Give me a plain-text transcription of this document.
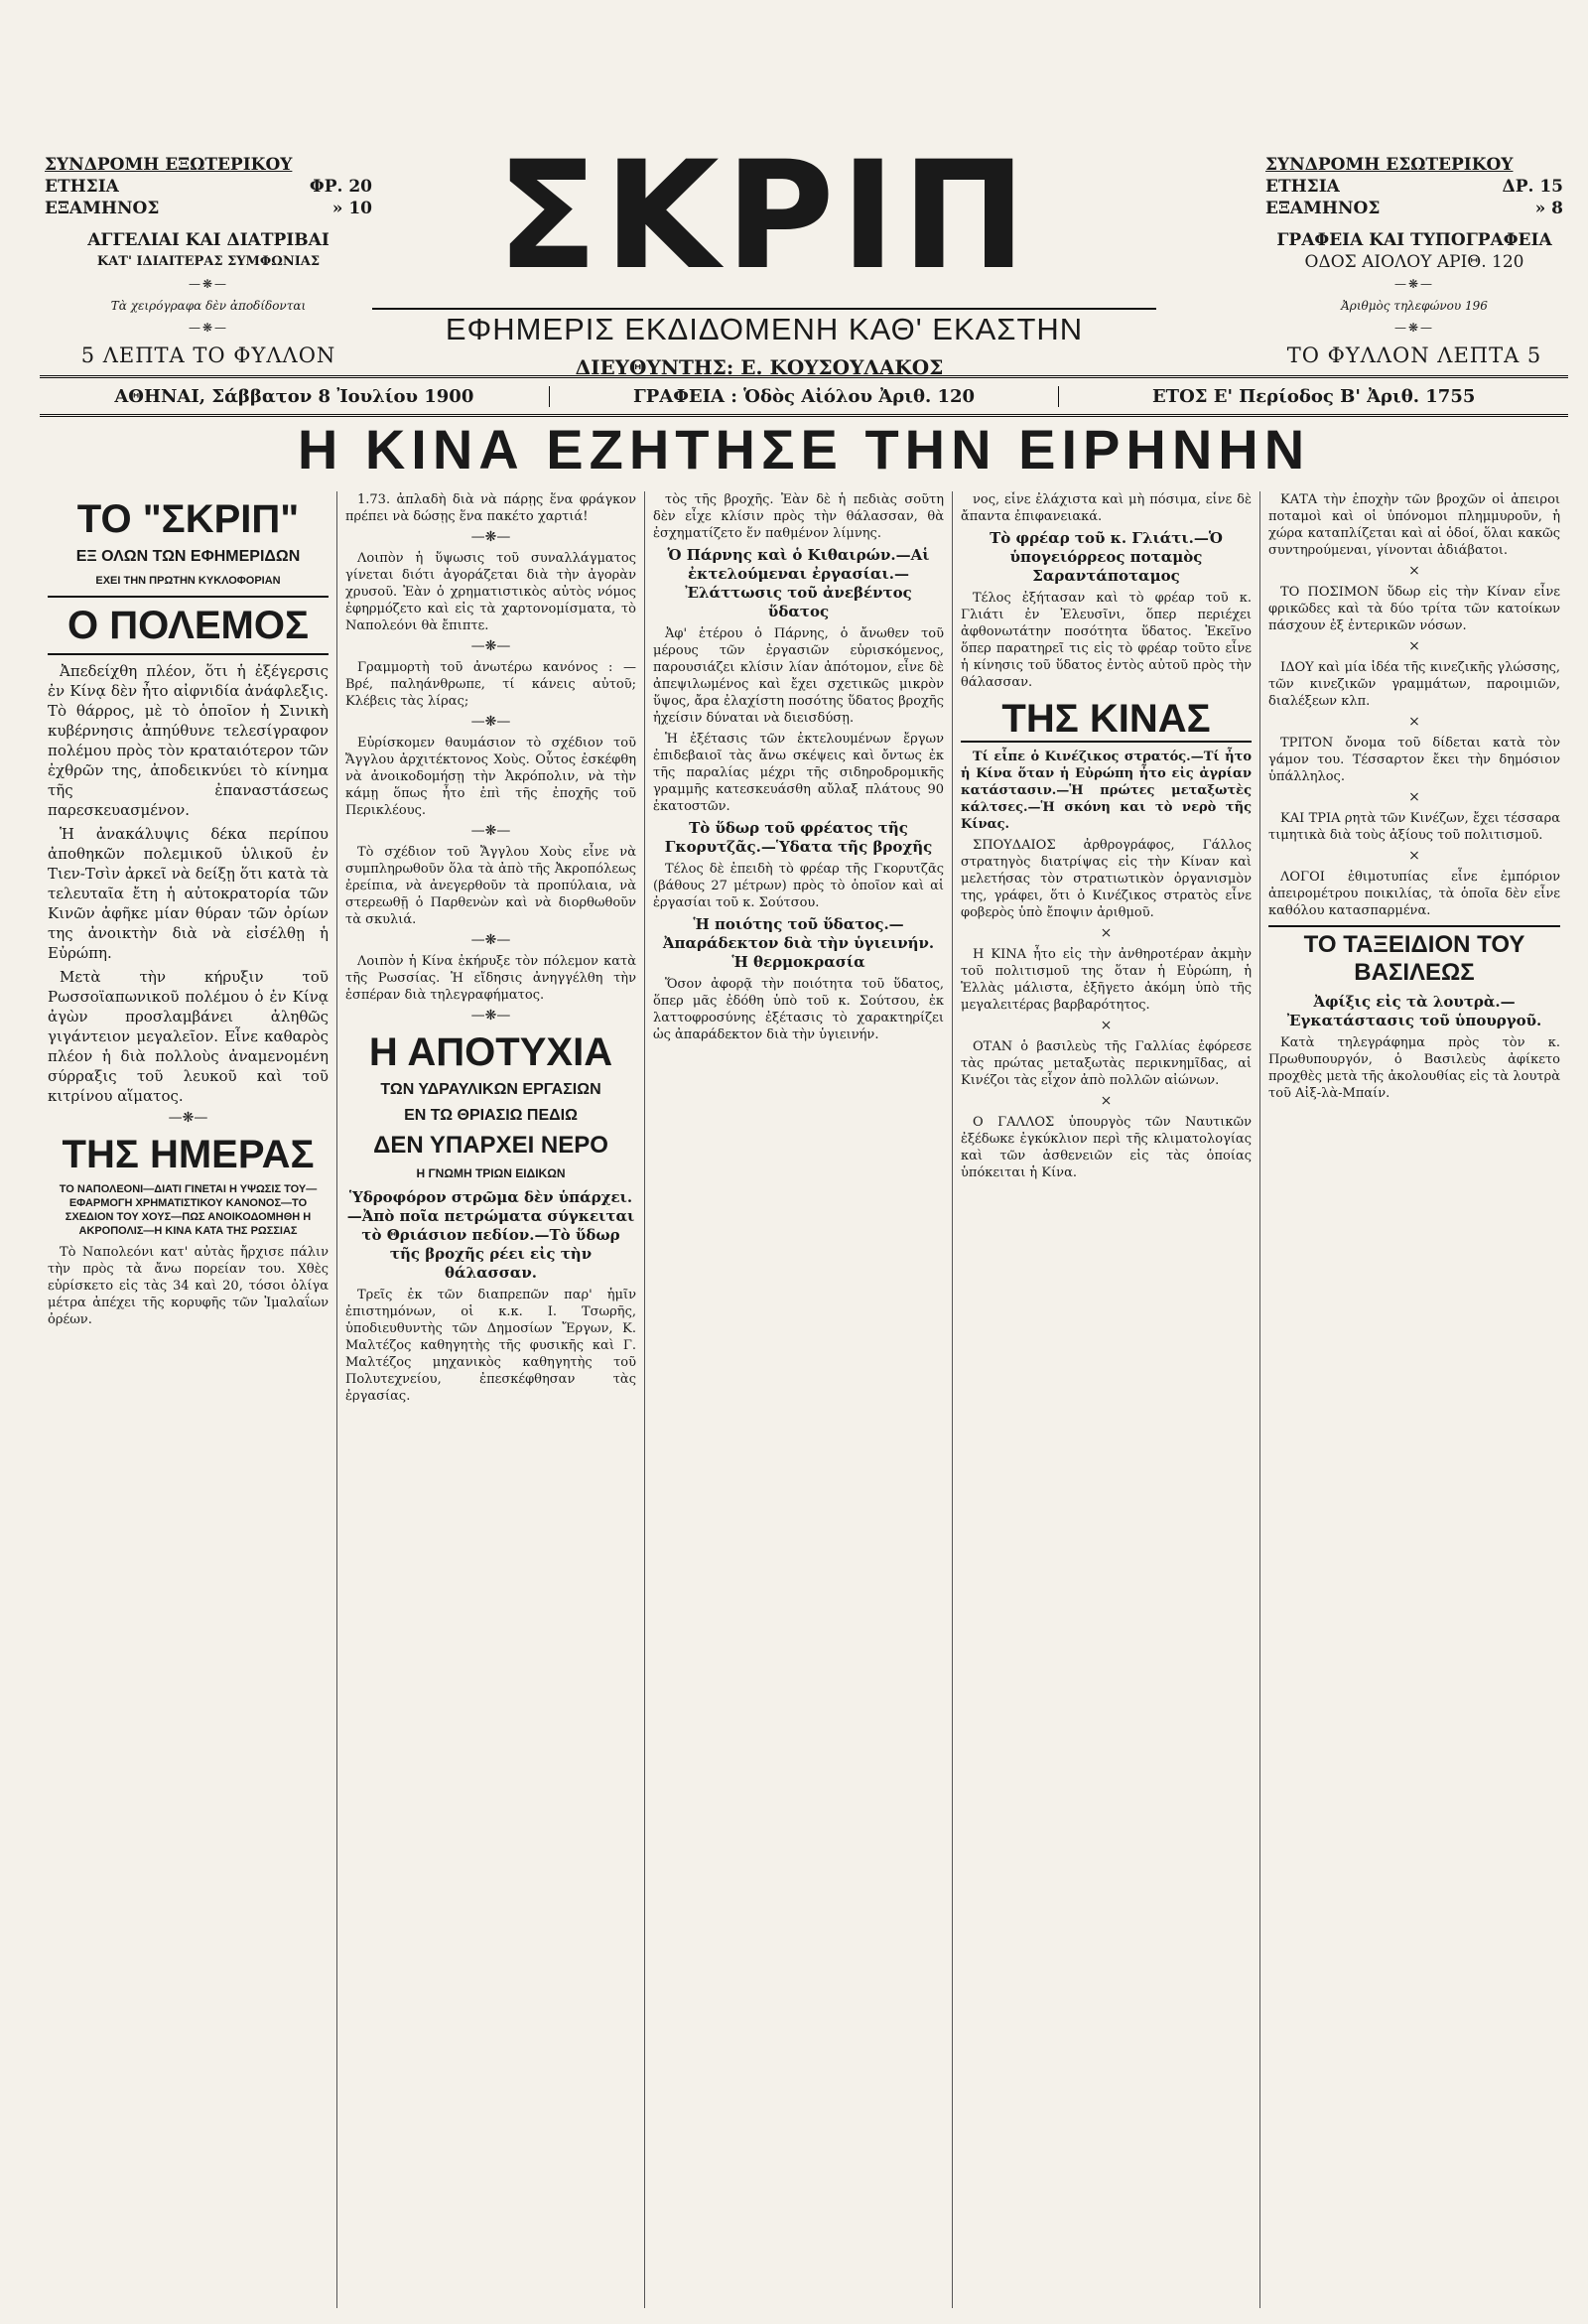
ΣΥΝΔΡΟΜΗ ΕΞΩΤΕΡΙΚΟΥ
ΕΤΗΣΙΑ	ΦΡ. 20
ΕΞΑΜΗΝΟΣ	» 10
ΑΓΓΕΛΙΑΙ ΚΑΙ ΔΙΑΤΡΙΒΑΙ
ΚΑΤ' ΙΔΙΑΙΤΕΡΑΣ ΣΥΜΦΩΝΙΑΣ
—❋—
Τὰ χειρόγραφα δὲν ἀποδίδονται
—❋—
5 ΛΕΠΤΑ ΤΟ ΦΥΛΛΟΝ
ΣΚΡΙΠ
ΕΦΗΜΕΡΙΣ ΕΚΔΙΔΟΜΕΝΗ ΚΑΘ' ΕΚΑΣΤΗΝ
ΔΙΕΥΘΥΝΤΗΣ: Ε. ΚΟΥΣΟΥΛΑΚΟΣ
ΣΥΝΔΡΟΜΗ ΕΣΩΤΕΡΙΚΟΥ
ΕΤΗΣΙΑ	ΔΡ. 15
ΕΞΑΜΗΝΟΣ	» 8
ΓΡΑΦΕΙΑ ΚΑΙ ΤΥΠΟΓΡΑΦΕΙΑ
ΟΔΟΣ ΑΙΟΛΟΥ ΑΡΙΘ. 120
—❋—
Ἀριθμὸς τηλεφώνου 196
—❋—
ΤΟ ΦΥΛΛΟΝ ΛΕΠΤΑ 5
ΑΘΗΝΑΙ, Σάββατον 8 Ἰουλίου 1900	ΓΡΑΦΕΙΑ : Ὁδὸς Αἰόλου Ἀριθ. 120	ΕΤΟΣ Ε' Περίοδος Β' Ἀριθ. 1755
Η ΚΙΝΑ ΕΖΗΤΗΣΕ ΤΗΝ ΕΙΡΗΝΗΝ
ΤΟ "ΣΚΡΙΠ"
ΕΞ ΟΛΩΝ ΤΩΝ ΕΦΗΜΕΡΙΔΩΝ
ΕΧΕΙ ΤΗΝ ΠΡΩΤΗΝ ΚΥΚΛΟΦΟΡΙΑΝ
Ο ΠΟΛΕΜΟΣ

Ἀπεδείχθη πλέον, ὅτι ἡ ἐξέγερσις ἐν Κίνᾳ δὲν ἦτο αἰφνιδία ἀνάφλεξις. Τὸ θάρρος, μὲ τὸ ὁποῖον ἡ Σινικὴ κυβέρνησις ἀπηύθυνε τελεσίγραφον πολέμου πρὸς τὸν κραταιότερον τῶν ἐχθρῶν της, ἀποδεικνύει τὸ κίνημα τῆς ἐπαναστάσεως παρεσκευασμένον.

Ἡ ἀνακάλυψις δέκα περίπου ἀποθηκῶν πολεμικοῦ ὑλικοῦ ἐν Τιεν-Τσὶν ἀρκεῖ νὰ δείξῃ ὅτι κατὰ τὰ τελευταῖα ἔτη ἡ αὐτοκρατορία τῶν Κινῶν ἀφῆκε μίαν θύραν τῶν ὀρίων της ἀνοικτὴν διὰ νὰ εἰσέλθῃ ἡ Εὐρώπη.

Μετὰ τὴν κήρυξιν τοῦ Ρωσσοϊαπωνικοῦ πολέμου ὁ ἐν Κίνᾳ ἀγὼν προσλαμβάνει ἀληθῶς γιγάντειον μεγαλεῖον. Εἶνε καθαρὸς πλέον ἡ διὰ πολλοὺς ἀναμενομένη σύρραξις τοῦ λευκοῦ καὶ τοῦ κιτρίνου αἵματος.

—❋—
ΤΗΣ ΗΜΕΡΑΣ
ΤΟ ΝΑΠΟΛΕΟΝΙ—ΔΙΑΤΙ ΓΙΝΕΤΑΙ Η ΥΨΩΣΙΣ ΤΟΥ—ΕΦΑΡΜΟΓΗ ΧΡΗΜΑΤΙΣΤΙΚΟΥ ΚΑΝΟΝΟΣ—ΤΟ ΣΧΕΔΙΟΝ ΤΟΥ ΧΟΥΣ—ΠΩΣ ΑΝΟΙΚΟΔΟΜΗΘΗ Η ΑΚΡΟΠΟΛΙΣ—Η ΚΙΝΑ ΚΑΤΑ ΤΗΣ ΡΩΣΣΙΑΣ

Τὸ Ναπολεόνι κατ' αὐτὰς ἤρχισε πάλιν τὴν πρὸς τὰ ἄνω πορείαν του. Χθὲς εὑρίσκετο εἰς τὰς 34 καὶ 20, τόσοι ὀλίγα μέτρα ἀπέχει τῆς κορυφῆς τῶν Ἰμαλαΐων ὀρέων.

1.73. ἀπλαδὴ διὰ νὰ πάρῃς ἕνα φράγκον πρέπει νὰ δώσῃς ἕνα πακέτο χαρτιά!

—❋—

Λοιπὸν ἡ ὕψωσις τοῦ συναλλάγματος γίνεται διότι ἀγοράζεται διὰ τὴν ἀγορὰν χρυσοῦ. Ἐὰν ὁ χρηματιστικὸς αὐτὸς νόμος ἐφηρμόζετο καὶ εἰς τὰ χαρτονομίσματα, τὸ Ναπολεόνι θὰ ἔπιπτε.

—❋—

Γραμμορτὴ τοῦ ἀνωτέρω κανόνος : — Βρέ, παληάνθρωπε, τί κάνεις αὐτοῦ; Κλέβεις τὰς λίρας;

—❋—

Εὑρίσκομεν θαυμάσιον τὸ σχέδιον τοῦ Ἄγγλου ἀρχιτέκτονος Χοὺς. Οὗτος ἐσκέφθη νὰ ἀνοικοδομήσῃ τὴν Ἀκρόπολιν, νὰ τὴν κάμῃ ὅπως ἦτο ἐπὶ τῆς ἐποχῆς τοῦ Περικλέους.

—❋—

Τὸ σχέδιον τοῦ Ἄγγλου Χοὺς εἶνε νὰ συμπληρωθοῦν ὅλα τὰ ἀπὸ τῆς Ἀκροπόλεως ἐρείπια, νὰ ἀνεγερθοῦν τὰ προπύλαια, νὰ στερεωθῇ ὁ Παρθενὼν καὶ νὰ διορθωθοῦν τὰ σκυλιά.

—❋—

Λοιπὸν ἡ Κίνα ἐκήρυξε τὸν πόλεμον κατὰ τῆς Ρωσσίας. Ἡ εἴδησις ἀνηγγέλθη τὴν ἑσπέραν διὰ τηλεγραφήματος.

—❋—
Η ΑΠΟΤΥΧΙΑ
ΤΩΝ ΥΔΡΑΥΛΙΚΩΝ ΕΡΓΑΣΙΩΝ
ΕΝ ΤΩ ΘΡΙΑΣΙΩ ΠΕΔΙΩ
ΔΕΝ ΥΠΑΡΧΕΙ ΝΕΡΟ
Η ΓΝΩΜΗ ΤΡΙΩΝ ΕΙΔΙΚΩΝ

Ὑδροφόρον στρῶμα δὲν ὑπάρχει.—Ἀπὸ ποῖα πετρώματα σύγκειται τὸ Θριάσιον πεδίον.—Τὸ ὕδωρ τῆς βροχῆς ρέει εἰς τὴν θάλασσαν.

Τρεῖς ἐκ τῶν διαπρεπῶν παρ' ἡμῖν ἐπιστημόνων, οἱ κ.κ. Ι. Τσωρῆς, ὑποδιευθυντὴς τῶν Δημοσίων Ἔργων, Κ. Μαλτέζος καθηγητὴς τῆς φυσικῆς καὶ Γ. Μαλτέζος μηχανικὸς καθηγητὴς τοῦ Πολυτεχνείου, ἐπεσκέφθησαν τὰς ἐργασίας.

τὸς τῆς βροχῆς. Ἐὰν δὲ ἡ πεδιὰς σοῦτη δὲν εἶχε κλίσιν πρὸς τὴν θάλασσαν, θὰ ἐσχηματίζετο ἕν παθμένον λίμνης.

Ὁ Πάρνης καὶ ὁ Κιθαιρών.—Αἱ ἐκτελούμεναι ἐργασίαι.—Ἐλάττωσις τοῦ ἀνεβέντος ὕδατος

Ἀφ' ἑτέρου ὁ Πάρνης, ὁ ἄνωθεν τοῦ μέρους τῶν ἐργασιῶν εὑρισκόμενος, παρουσιάζει κλίσιν λίαν ἀπότομον, εἶνε δὲ ἀπεψιλωμένος καὶ ἔχει σχετικῶς μικρὸν ὕψος, ἄρα ἐλαχίστη ποσότης ὕδατος βροχῆς ἠχείσιν δύναται νὰ διεισδύσῃ.

Ἡ ἐξέτασις τῶν ἐκτελουμένων ἔργων ἐπιδεβαιοῖ τὰς ἄνω σκέψεις καὶ ὄντως ἐκ τῆς παραλίας μέχρι τῆς σιδηροδρομικῆς γραμμῆς κατεσκευάσθη αὔλαξ πλάτους 90 ἑκατοστῶν.

Τὸ ὕδωρ τοῦ φρέατος τῆς Γκορυτζᾶς.—Ὑδατα τῆς βροχῆς

Τέλος δὲ ἐπειδὴ τὸ φρέαρ τῆς Γκορυτζᾶς (βάθους 27 μέτρων) πρὸς τὸ ὁποῖον καὶ αἱ ἐργασίαι τοῦ κ. Σούτσου.

Ἡ ποιότης τοῦ ὕδατος.—Ἀπαράδεκτον διὰ τὴν ὑγιεινήν. Ἡ θερμοκρασία

Ὅσον ἀφορᾷ τὴν ποιότητα τοῦ ὕδατος, ὅπερ μᾶς ἐδόθη ὑπὸ τοῦ κ. Σούτσου, ἐκ λαττοφροσύνης ἐξέτασις τὸ χαρακτηρίζει ὡς ἀπαράδεκτον διὰ τὴν ὑγιεινήν.

νος, εἶνε ἐλάχιστα καὶ μὴ πόσιμα, εἶνε δὲ ἄπαντα ἐπιφανειακά.

Τὸ φρέαρ τοῦ κ. Γλιάτι.—Ὁ ὑπογειόρρεος ποταμὸς Σαραντάποταμος

Τέλος ἐξήτασαν καὶ τὸ φρέαρ τοῦ κ. Γλιάτι ἐν Ἐλευσῖνι, ὅπερ περιέχει ἀφθονωτάτην ποσότητα ὕδατος. Ἐκεῖνο ὅπερ παρατηρεῖ τις εἰς τὸ φρέαρ τοῦτο εἶνε ἡ κίνησις τοῦ ὕδατος ἐντὸς αὐτοῦ πρὸς τὴν θάλασσαν.

ΤΗΣ ΚΙΝΑΣ

Τί εἶπε ὁ Κινέζικος στρατός.—Τί ἦτο ἡ Κίνα ὅταν ἡ Εὐρώπη ἦτο εἰς ἀγρίαν κατάστασιν.—Ἡ πρώτες μεταξωτὲς κάλτσες.—Ἡ σκόνη και τὸ νερὸ τῆς Κίνας.

ΣΠΟΥΔΑΙΟΣ ἀρθρογράφος, Γάλλος στρατηγὸς διατρίψας εἰς τὴν Κίναν καὶ μελετήσας τὸν στρατιωτικὸν ὀργανισμὸν της, γράφει, ὅτι ὁ Κινέζικος στρατὸς εἶνε φοβερὸς ὑπὸ ἔποψιν ἀριθμοῦ.

×

Η ΚΙΝΑ ἦτο εἰς τὴν ἀνθηροτέραν ἀκμὴν τοῦ πολιτισμοῦ της ὅταν ἡ Εὐρώπη, ἡ Ἑλλὰς μάλιστα, ἐξῆγετο ἀκόμη ὑπὸ τῆς μεγαλειτέρας βαρβαρότητος.

×

ΟΤΑΝ ὁ βασιλεὺς τῆς Γαλλίας ἐφόρεσε τὰς πρώτας μεταξωτὰς περικνημῖδας, αἱ Κινέζοι τὰς εἶχον ἀπὸ πολλῶν αἰώνων.

×

Ο ΓΑΛΛΟΣ ὑπουργὸς τῶν Ναυτικῶν ἐξέδωκε ἐγκύκλιον περὶ τῆς κλιματολογίας καὶ τῶν ἀσθενειῶν εἰς τὰς ὁποίας ὑπόκειται ἡ Κίνα.

ΚΑΤΑ τὴν ἐποχὴν τῶν βροχῶν οἱ ἀπειροι ποταμοὶ καὶ οἱ ὑπόνομοι πλημμυροῦν, ἡ χώρα καταπλίζεται καὶ αἱ ὁδοί, ὅλαι κακῶς συντηρούμεναι, γίνονται ἀδιάβατοι.

×

ΤΟ ΠΟΣΙΜΟΝ ὕδωρ εἰς τὴν Κίναν εἶνε φρικῶδες καὶ τὰ δύο τρίτα τῶν κατοίκων πάσχουν ἐξ ἐντερικῶν νόσων.

×

ΙΔΟΥ καὶ μία ἰδέα τῆς κινεζικῆς γλώσσης, τῶν κινεζικῶν γραμμάτων, παροιμιῶν, διαλέξεων κλπ.

×

ΤΡΙΤΟΝ ὄνομα τοῦ δίδεται κατὰ τὸν γάμον του. Τέσσαρτον ἔκει τὴν δημόσιον ὑπάλληλος.

×

ΚΑΙ ΤΡΙΑ ρητὰ τῶν Κινέζων, ἔχει τέσσαρα τιμητικὰ διὰ τοὺς ἀξίους τοῦ πολιτισμοῦ.

×

ΛΟΓΟΙ ἐθιμοτυπίας εἶνε ἐμπόριον ἀπειρομέτρου ποικιλίας, τὰ ὁποῖα δὲν εἶνε καθόλου κατασπαρμένα.

ΤΟ ΤΑΞΕΙΔΙΟΝ ΤΟΥ ΒΑΣΙΛΕΩΣ

Ἀφίξις εἰς τὰ λουτρὰ.—Ἐγκατάστασις τοῦ ὑπουργοῦ.

Κατὰ τηλεγράφημα πρὸς τὸν κ. Πρωθυπουργόν, ὁ Βασιλεὺς ἀφίκετο προχθὲς μετὰ τῆς ἀκολουθίας εἰς τὰ λουτρὰ τοῦ Αἰξ-λὰ-Μπαίν.
